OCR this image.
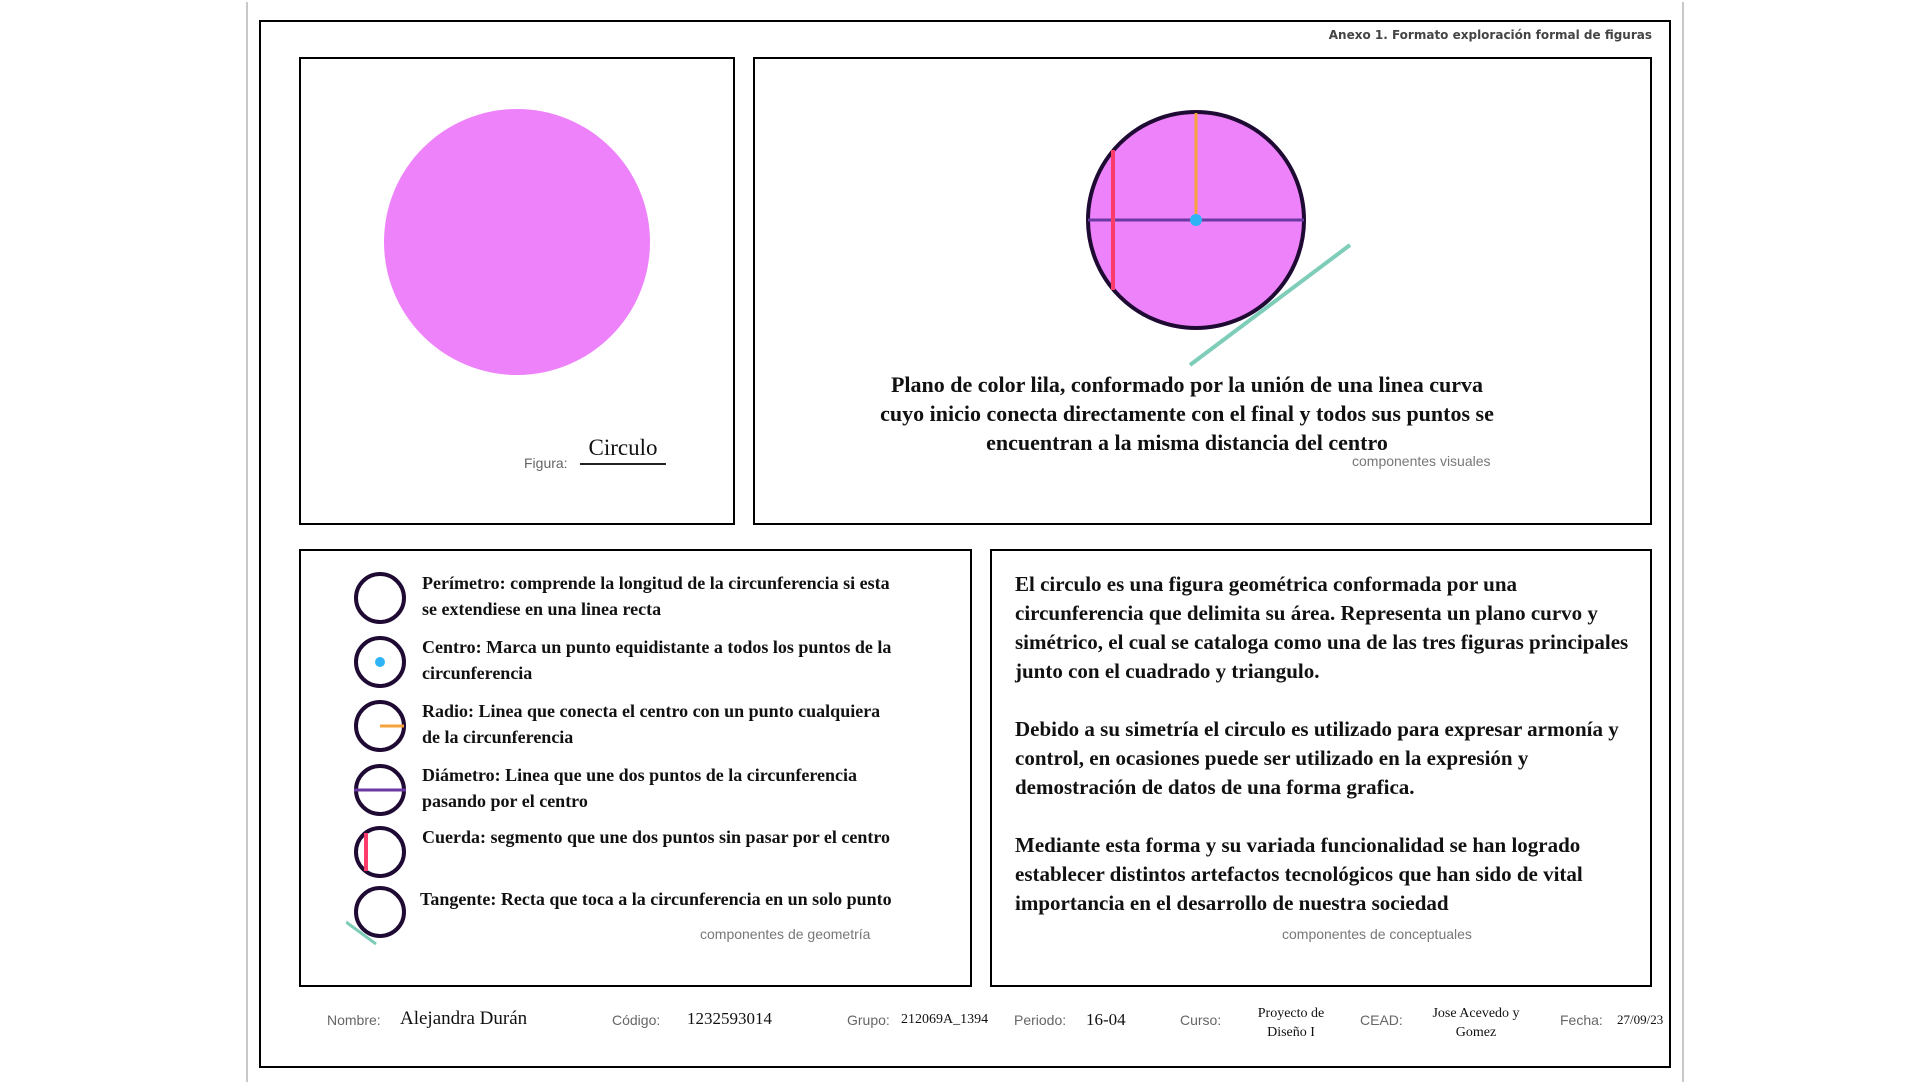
Anexo 1. Formato exploración formal de figuras
Figura:
Circulo
Plano de color lila, conformado por la unión de una linea curva
cuyo inicio conecta directamente con el final y todos sus puntos se
encuentran a la misma distancia del centro
componentes visuales
Perímetro: comprende la longitud de la circunferencia si esta se extendiese en una linea recta
Centro: Marca un punto equidistante a todos los puntos de la circunferencia
Radio: Linea que conecta el centro con un punto cualquiera de la circunferencia
Diámetro: Linea que une dos puntos de la circunferencia pasando por el centro
Cuerda: segmento que une dos puntos sin pasar por el centro
Tangente: Recta que toca a la circunferencia en un solo punto
componentes de geometría

El circulo es una figura geométrica conformada por una circunferencia que delimita su área. Representa un plano curvo y simétrico, el cual se cataloga como una de las tres figuras principales junto con el cuadrado y triangulo.

Debido a su simetría el circulo es utilizado para expresar armonía y control, en ocasiones puede ser utilizado en la expresión y demostración de datos de una forma grafica.

Mediante esta forma y su variada funcionalidad se han logrado establecer distintos artefactos tecnológicos que han sido de vital importancia en el desarrollo de nuestra sociedad

componentes de conceptuales
Nombre: Alejandra Durán	Código: 1232593014	Grupo: 212069A_1394 Periodo: 16-04	Curso:	Proyecto de
Diseño I
CEAD:	Jose Acevedo y
Gomez
Fecha: 27/09/23
